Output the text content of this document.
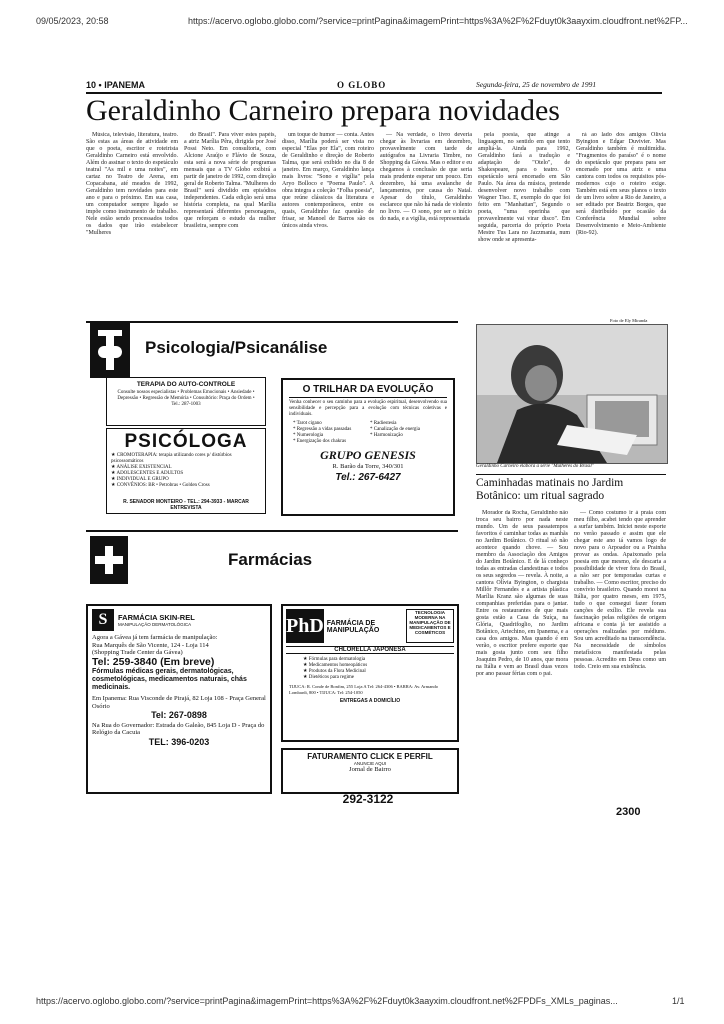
09/05/2023, 20:58	https://acervo.oglobo.globo.com/?service=printPagina&imagemPrint=https%3A%2F%2Fduyt0k3aayxim.cloudfront.net%2FP...
https://acervo.oglobo.globo.com/?service=printPagina&imagemPrint=https%3A%2F%2Fduyt0k3aayxim.cloudfront.net%2FPDFs_XMLs_paginas...	1/1
10 • IPANEMA	O GLOBO	Segunda-feira, 25 de novembro de 1991
Geraldinho Carneiro prepara novidades

Música, televisão, literatura, teatro. São estas as áreas de atividade em que o poeta, escritor e roteirista Geraldinho Carneiro está envolvido. Além do assinar o texto do espetáculo teatral "As mil e uma noites", em cartaz no Teatro de Arena, em Copacabana, até meados de 1992, Geraldinho tem novidades para este ano e para o próximo. Em sua casa, um computador sempre ligado se impõe como instrumento de trabalho. Nele estão sendo processados todos os dados que irão estabelecer "Mulheres

do Brasil". Para viver estes papéis, a atriz Marília Pêra, dirigida por José Possi Neto. Em consultoria, com Alcione Araújo e Flávio de Souza, esta será a nova série de programas mensais que a TV Globo exibirá a partir de janeiro de 1992, com direção geral de Roberto Talma. "Mulheres do Brasil" será dividido em episódios independentes. Cada edição será uma história completa, na qual Marília representará diferentes personagens, que reforçam o estudo da mulher brasileira, sempre com

um toque de humor — conta. Antes disso, Marília poderá ser vista no especial "Elas por Ela", com roteiro de Geraldinho e direção de Roberto Talma, que será exibido no dia 8 de janeiro. Em março, Geraldinho lança mais livros: "Sono e vigília" pela Aryo Bolloco e "Poema Paulo". A obra integra a coleção "Folha poesia", que reúne clássicos da literatura e autores contemporâneos, entre os quais, Geraldinho faz questão de frisar, se Manoel de Barros são os únicos ainda vivos.

— Na verdade, o livro deveria chegar às livrarias em dezembro, provavelmente com tarde de autógrafos na Livraria Timbre, no Shopping da Gávea. Mas o editor e eu chegamos à conclusão de que seria mais prudente esperar um pouco. Em dezembro, há uma avalanche de lançamentos, por causa do Natal. Apesar do título, Geraldinho esclarece que não há nada de violento no livro. — O sono, por ser o início do nada, e a vigília, está representada

pela poesia, que atinge a linguagem, no sentido em que tento ampliá-la. Ainda para 1992, Geraldinho fará a tradução e adaptação de "Otelo", de Shakespeare, para o teatro. O espetáculo será encenado em São Paulo. Na área da música, pretende desenvolver novo trabalho com Wagner Tiso. E, exemplo do que foi feito em "Manhattan", Segundo o poeta, "uma operinha que provavelmente vai virar disco". Em seguida, parceria do próprio Poeta Mestre Tus Lara no Jazzmania, num show onde se apresenta-

rá ao lado dos amigos Olívia Byington e Edgar Duvivier. Mas Geraldinho também é multimídia. "Fragmentos do paraíso" é o nome do espetáculo que prepara para ser encenado por uma atriz e uma cantora com todos os requisitos pós-modernos cujo o roteiro exige. Também está em seus planos o texto de um livro sobre a Rio de Janeiro, a ser editado por Beatriz Borges, que será distribuído por ocasião da Conferência Mundial sobre Desenvolvimento e Meio-Ambiente (Rio-92).

Psicologia/Psicanálise
TERAPIA DO AUTO-CONTROLE
Consulte nossos especialistas • Problemas Emocionais • Ansiedade • Depressão • Regressão de Memória • Consultório: Praça do Ordem • Tel.: 287-1003
PSICÓLOGA
★ CROMOTERAPIA: terapia utilizando cores p/ distúrbios psicossomáticos
★ ANÁLISE EXISTENCIAL
★ ADOLESCENTES E ADULTOS
★ INDIVIDUAL E GRUPO
★ CONVÊNIOS: BR • Petrobras • Golden Cross
R. SENADOR MONTEIRO - TEL.: 294-3933 - MARCAR ENTREVISTA
O TRILHAR DA EVOLUÇÃO
Venha conhecer o seu caminho para a evolução espiritual, desenvolvendo sua sensibilidade e percepção para a evolução com técnicas coletivas e individuais.
* Tarot cigano
* Regressão a vidas passadas
* Numerologia
* Energização dos chakras
* Radiestesia
* Canalização de energia
* Harmonização
GRUPO GENESIS
R. Barão da Torre, 340/301
Tel.: 267-6427
Foto de Ely Miranda
Geraldinho Carneiro elabora a série "Mulheres do Brasil"
Caminhadas matinais no Jardim Botânico: um ritual sagrado

Morador da Rocha, Geraldinho não troca seu bairro por nada neste mundo. Um de seus passatempos favoritos é caminhar todas as manhãs no Jardim Botânico. O ritual só não acontece quando chove. — Sou membro da Associação dos Amigos do Jardim Botânico. E de lá conheço todas as entradas clandestinas e todos os seus segredos — revela. À noite, a cantora Olívia Byington, o chargista Millôr Fernandes e a artista plástica Marília Kranz são algumas de suas companhias preferidas para o jantar. Entre os restaurantes de que mais gosta estão a Casa da Suíça, na Glória, Quadrifoglio, no Jardim Botânico, Artechino, em Ipanema, e a casa dos amigos. Mas quando é em verão, o escritor prefere esporte que mais gosta junto com seu filho Joaquim Pedro, de 10 anos, que mora na Itália e vem ao Brasil duas vezes por ano passar férias com o pai.

— Como costumo ir à praia com meu filho, acabei tendo que aprender a surfar também. Iniciei neste esporte no verão passado e assim que ele chegar este ano iá vamos logo de novo para o Arpoador ou a Prainha provar as ondas. Apaixonado pela poesia em que mesmo, ele descarta a possibilidade de viver fora do Brasil, a não ser por temporadas curtas e trabalho. — Como escritor, preciso do convívio brasileiro. Quando morei na Itália, por quatro meses, em 1975, tudo o que consegui fazer foram canções de exílio. Ele revela sua fascinação pelas religiões de origem africana e conta já ter assistido a operações realizadas por médiuns. Sou um acreditado na transcendência. Na necessidade de símbolos metafísicos manifestada pelas pessoas. Acredito em Deus como um todo. Creio em sua existência.

Farmácias
S	FARMÁCIA SKIN-REL
MANIPULAÇÃO DERMATOLÓGICA
Agora a Gávea já tem farmácia de manipulação:
Rua Marquês de São Vicente, 124 - Loja 114
(Shopping Trade Center da Gávea)
Tel: 259-3840 (Em breve)
Fórmulas médicas gerais, dermatológicas, cosmetológicas, medicamentos naturais, chás medicinais.
Em Ipanema: Rua Visconde de Pirajá, 82 Loja 108 - Praça General Osório
Tel: 267-0898
Na Rua do Governador: Estrada do Galeão, 845 Loja D - Praça do Relógio da Cacuia
TEL: 396-0203
PhD FARMÁCIA DE MANIPULAÇÃO
TECNOLOGIA MODERNA NA MANIPULAÇÃO DE MEDICAMENTOS E COSMÉTICOS
CHLORELLA JAPONESA
★ Fórmulas para dermatologia
★ Medicamentos homeopáticos
★ Produtos da Flora Medicinal
★ Dietéticos para regime
TIJUCA: R. Conde de Bonfim, 255 Loja A Tel: 264-4306 • BARRA: Av. Armando Lombardi, 800 • TIJUCA: Tel: 254-1050
ENTREGAS A DOMICÍLIO
FATURAMENTO CLICK E PERFIL
ANUNCIE AQUI
Jornal de Bairro
292-3122
2300
